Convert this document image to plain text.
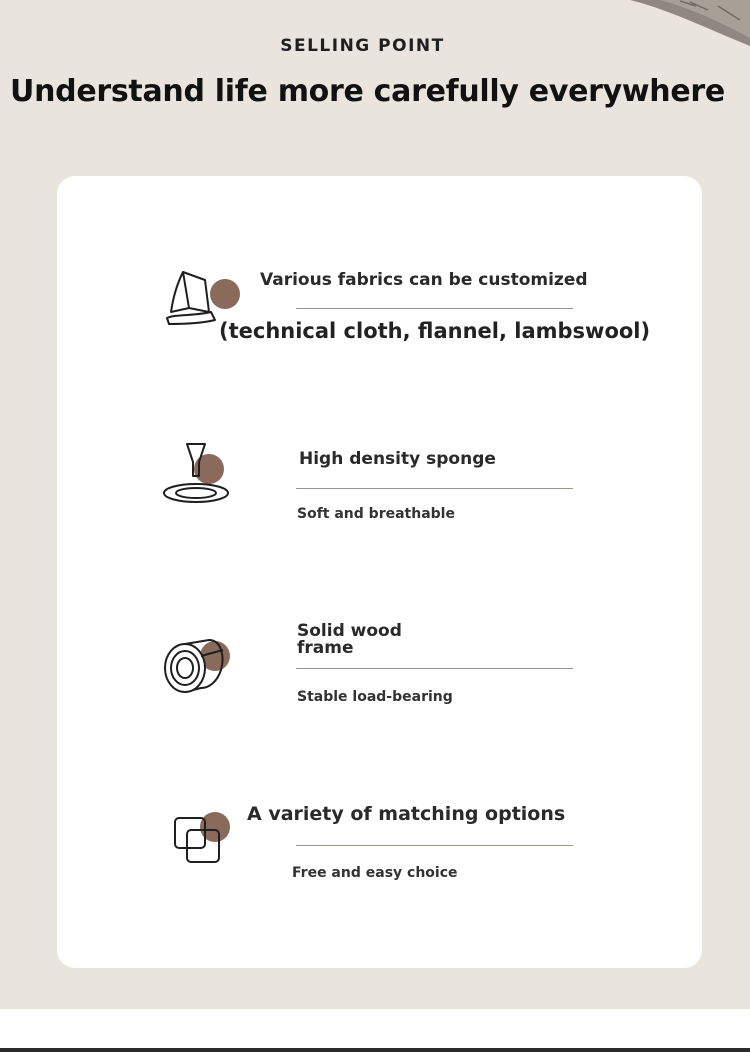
SELLING POINT
Understand life more carefully everywhere
Various fabrics can be customized
(technical cloth, flannel, lambswool)
High density sponge
Soft and breathable
Solid wood frame
Stable load-bearing
A variety of matching options
Free and easy choice
